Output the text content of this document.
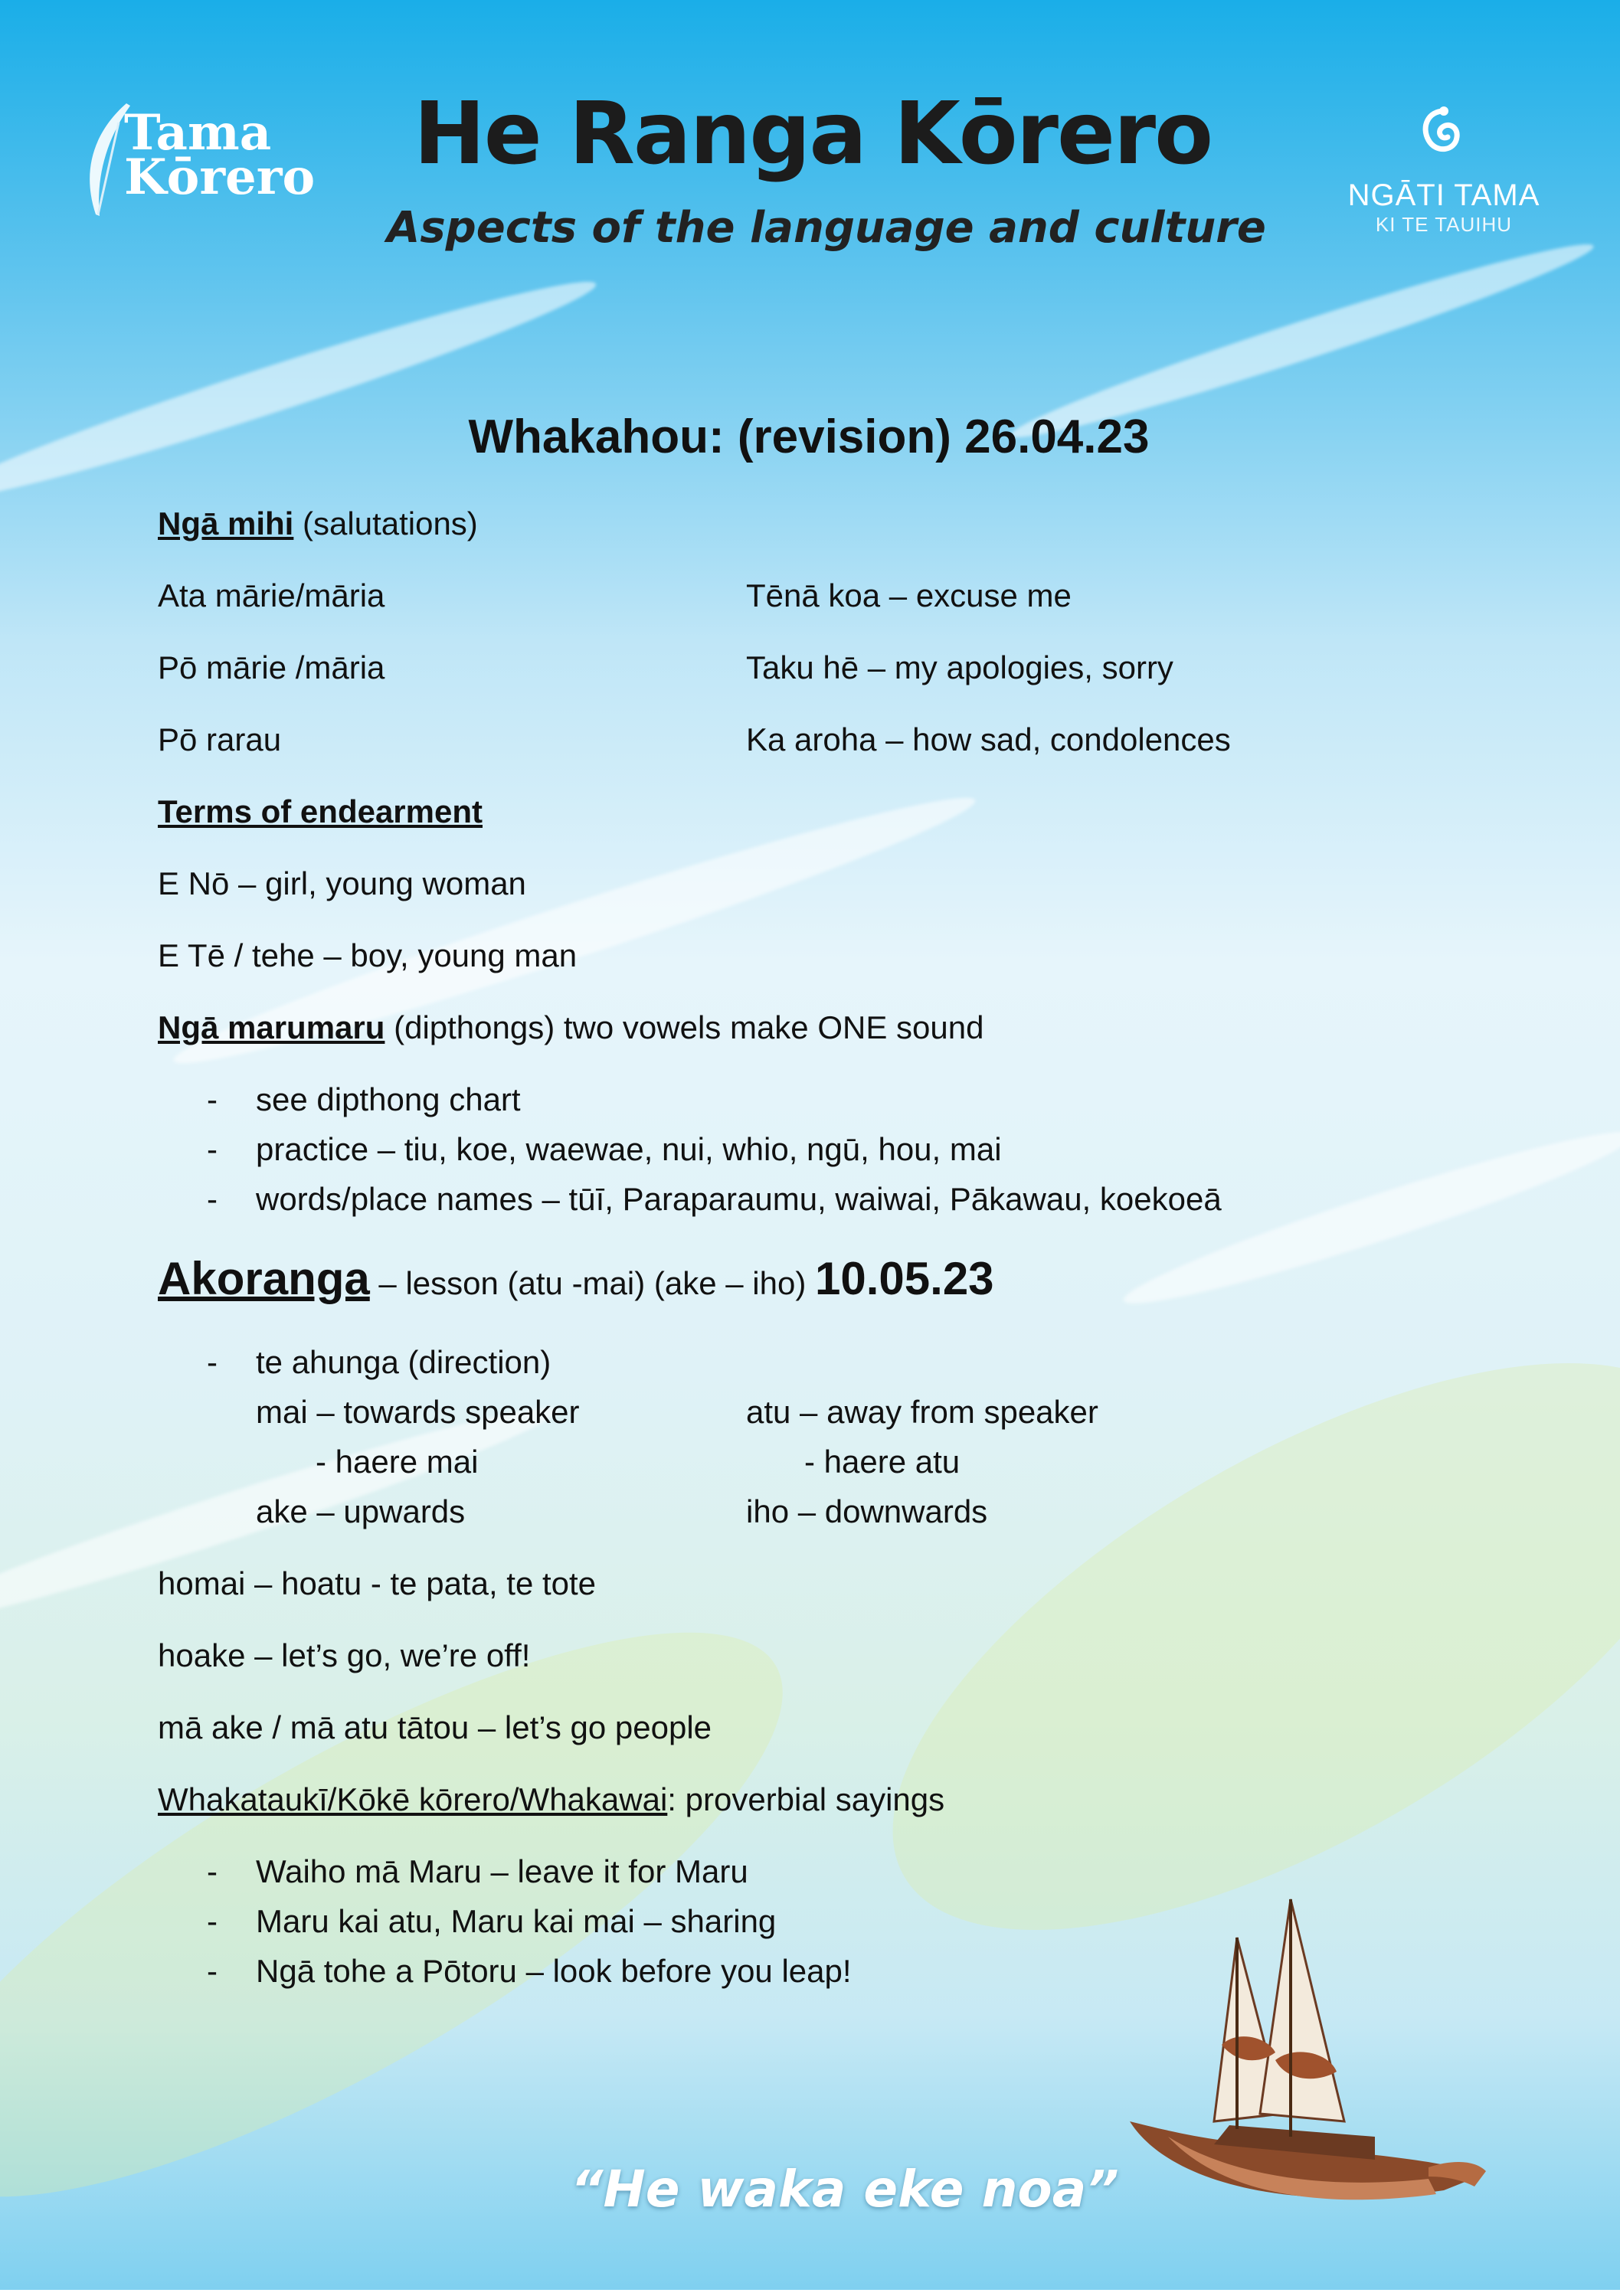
Tama
Kōrero He Ranga Kōrero
Aspects of the language and culture
NGĀTI TAMA
KI TE TAUIHU
Whakahou: (revision) 26.04.23
Ngā mihi (salutations)
Ata mārie/māria	Tēnā koa – excuse me
Pō mārie /māria	Taku hē – my apologies, sorry
Pō rarau	Ka aroha – how sad, condolences
Terms of endearment
E Nō – girl, young woman
E Tē / tehe – boy, young man
Ngā marumaru (dipthongs) two vowels make ONE sound
- see dipthong chart
- practice – tiu, koe, waewae, nui, whio, ngū, hou, mai
- words/place names – tūī, Paraparaumu, waiwai, Pākawau, koekoeā
Akoranga – lesson (atu -mai) (ake – iho) 10.05.23
- te ahunga (direction)
mai – towards speaker	atu – away from speaker
- haere mai	- haere atu
ake – upwards	iho – downwards
homai – hoatu - te pata, te tote
hoake – let’s go, we’re off!
mā ake / mā atu tātou – let’s go people
Whakataukī/Kōkē kōrero/Whakawai: proverbial sayings
- Waiho mā Maru – leave it for Maru
- Maru kai atu, Maru kai mai – sharing
- Ngā tohe a Pōtoru – look before you leap!
“He waka eke noa”
